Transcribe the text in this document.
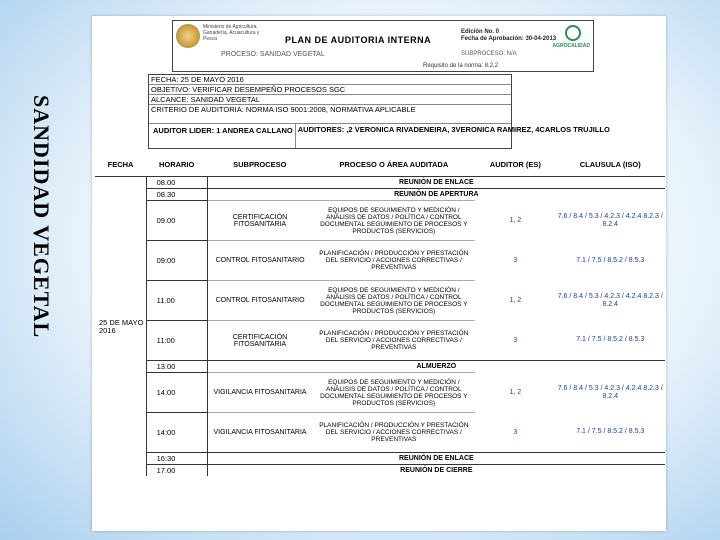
SANDIDAD VEGETAL
Ministerio de Agricultura, Ganadería, Acuacultura y Pesca	PLAN DE AUDITORIA INTERNA
PROCESO: SANIDAD VEGETAL
Edición No. 0
Fecha de Aprobación: 30-04-2013
SUBPROCESO: N/A
Requisito de la norma: 8.2.2
AGROCALIDAD
FECHA: 25 DE MAYO 2016
OBJETIVO: VERIFICAR DESEMPEÑO PROCESOS SGC
ALCANCE: SANIDAD VEGETAL
CRITERIO DE AUDITORIA: NORMA ISO 9001:2008, NORMATIVA APLICABLE
AUDITOR LIDER: 1 ANDREA CALLANO AUDITORES: ,2 VERONICA RIVADENEIRA, 3VERONICA RAMIREZ, 4CARLOS TRUJILLO
FECHA	HORARIO	SUBPROCESO	PROCESO O ÁREA AUDITADA	AUDITOR (ES)	CLAUSULA (ISO)
25 DE MAYO 2016	08.00	REUNIÓN DE ENLACE			
	08.30	REUNIÓN DE APERTURA			
	09.00	CERTIFICACIÓN FITOSANITARIA	EQUIPOS DE SEGUIMIENTO Y MEDICIÓN / ANÁLISIS DE DATOS / POLÍTICA / CONTROL DOCUMENTAL SEGUIMIENTO DE PROCESOS Y PRODUCTOS (SERVICIOS)	1, 2	7.6 / 8.4 / 5.3 / 4.2.3 / 4.2.4 8.2.3 / 8.2.4
	09:00	CONTROL FITOSANITARIO	PLANIFICACIÓN / PRODUCCIÓN Y PRESTACIÓN DEL SERVICIO / ACCIONES CORRECTIVAS / PREVENTIVAS	3	7.1 / 7.5 / 8.5.2 / 8.5.3
	11.00	CONTROL FITOSANITARIO	EQUIPOS DE SEGUIMIENTO Y MEDICIÓN / ANÁLISIS DE DATOS / POLÍTICA / CONTROL DOCUMENTAL SEGUIMIENTO DE PROCESOS Y PRODUCTOS (SERVICIOS)	1, 2	7.6 / 8.4 / 5.3 / 4.2.3 / 4.2.4 8.2.3 / 8.2.4
	11:00	CERTIFICACIÓN FITOSANITARIA	PLANIFICACIÓN / PRODUCCIÓN Y PRESTACIÓN DEL SERVICIO / ACCIONES CORRECTIVAS / PREVENTIVAS	3	7.1 / 7.5 / 8.5.2 / 8.5.3
	13.00	ALMUERZO			
	14.00	VIGILANCIA FITOSANITARIA	EQUIPOS DE SEGUIMIENTO Y MEDICIÓN / ANÁLISIS DE DATOS / POLÍTICA / CONTROL DOCUMENTAL SEGUIMIENTO DE PROCESOS Y PRODUCTOS (SERVICIOS)	1, 2	7.6 / 8.4 / 5.3 / 4.2.3 / 4.2.4 8.2.3 / 8.2.4
	14:00	VIGILANCIA FITOSANITARIA	PLANIFICACIÓN / PRODUCCIÓN Y PRESTACIÓN DEL SERVICIO / ACCIONES CORRECTIVAS / PREVENTIVAS	3	7.1 / 7.5 / 8.5.2 / 8.5.3
	16:30	REUNIÓN DE ENLACE			
	17.00	REUNIÓN DE CIERRE			
